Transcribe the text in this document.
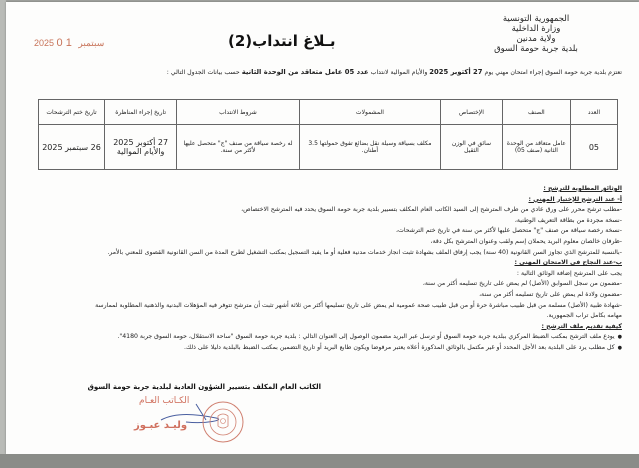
الجمهورية التونسية
وزارة الداخلية
ولاية مدنين
بلدية جربة حومة السوق
2025	سبتمبر 1 0	بـلاغ انتداب(2)
تعتزم بلدية جربة حومة السوق إجراء امتحان مهني يوم 27 أكتوبر 2025 والأيام الموالية لانتداب عدد 05 عامل متعاقد من الوحدة الثانية حسب بيانات الجدول التالي :
العدد	الصنف	الإختصاص	المشمولات	شروط الانتداب	تاريخ إجراء المناظرة	تاريخ ختم الترشحات
05	عامل متعاقد من الوحدة الثانية (صنف 05)	سائق في الوزن الثقيل	مكلف بسياقة وسيلة نقل بضائع تفوق حمولتها 3.5 أطنان.	له رخصة سياقة من صنف "ج" متحصل عليها لأكثر من سنة.	27 أكتوبر 2025 والأيام الموالية	26 سبتمبر 2025
الوثائق المطلوبة للترشح :
أ- عند الترشح للإختبار المهني :
-مطلب ترشح محرر على ورق عادي من طرف المترشح إلى السيد الكاتب العام المكلف بتسيير بلدية جربة حومة السوق يحدد فيه المترشح الاختصاص،
-نسخة مجردة من بطاقة التعريف الوطنية،
-نسخة رخصة سياقة من صنف "ج" متحصل عليها لأكثر من سنة في تاريخ ختم الترشحات،
-ظرفان خالصان معلوم البريد يحملان إسم ولقب وعنوان المترشح بكل دقة،
-بالنسبة للمترشح الذي تجاوز السن القانونية (40 سنة) يجب إرفاق الملف بشهادة تثبت انجاز خدمات مدنية فعلية أو ما يفيد التسجيل بمكتب التشغيل لطرح المدة من السن القانونية القصوى للمعني بالأمر.
ب-عند النجاح في الامتحان المهني :
يجب على المترشح إضافة الوثائق التالية :
-مضمون من سجل السوابق (الأصل) لم يمض على تاريخ تسليمه أكثر من سنة،
-مضمون ولادة لم يمض على تاريخ تسليمه أكثر من سنة،
-شهادة طبية (الأصل) مسلمة من قبل طبيب مباشرة حرة أو من قبل طبيب صحة عمومية لم يمض على تاريخ تسليمها أكثر من ثلاثة أشهر تثبت أن مترشح تتوفر فيه المؤهلات البدنية والذهنية المطلوبة لممارسة
مهامه بكامل تراب الجمهورية.
كيفية تقديم ملف الترشح :
● يودع ملف الترشح بمكتب الضبط المركزي ببلدية جربة حومة السوق أو ترسل عبر البريد مضمون الوصول إلى العنوان التالي : بلدية جربة حومة السوق "ساحة الاستقلال، حومة السوق جربة 4180".
● كل مطلب يرد على البلدية بعد الأجل المحدد أو غير مكتمل بالوثائق المذكورة أعلاه يعتبر مرفوضا ويكون طابع البريد أو تاريخ التضمين بمكتب الضبط بالبلدية دليلا على ذلك.
الكاتب العام المكلف بتسيير الشؤون العادية لبلدية جربة حومة السوق
الكـاتب العـام
وليـد عبـوز
